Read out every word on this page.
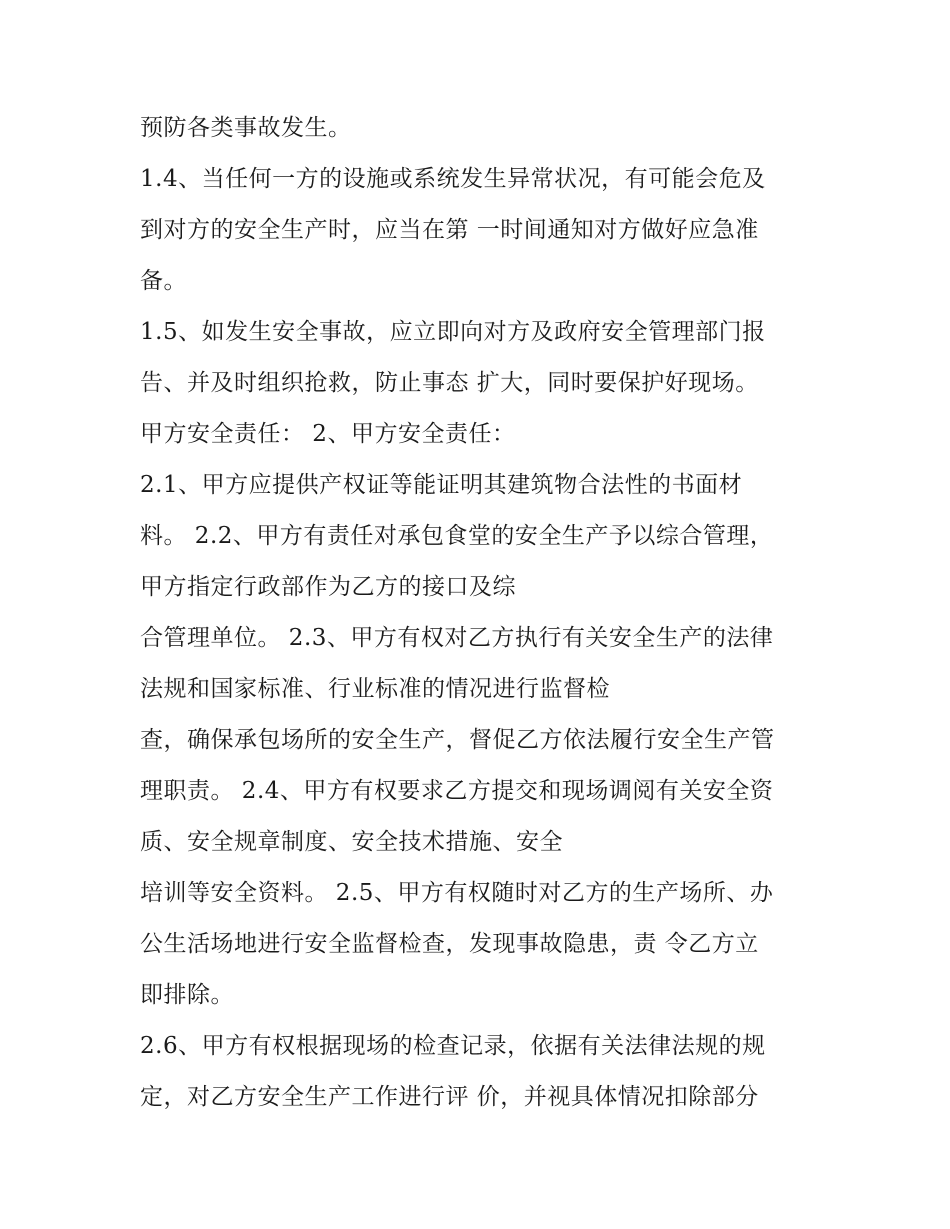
预防各类事故发生。

1.4、当任何一方的设施或系统发生异常状况，有可能会危及

到对方的安全生产时，应当在第 一时间通知对方做好应急准

备。

1.5、如发生安全事故，应立即向对方及政府安全管理部门报

告、并及时组织抢救，防止事态 扩大，同时要保护好现场。

甲方安全责任： 2、甲方安全责任：

2.1、甲方应提供产权证等能证明其建筑物合法性的书面材

料。 2.2、甲方有责任对承包食堂的安全生产予以综合管理，

甲方指定行政部作为乙方的接口及综

合管理单位。 2.3、甲方有权对乙方执行有关安全生产的法律

法规和国家标准、行业标准的情况进行监督检

查，确保承包场所的安全生产，督促乙方依法履行安全生产管

理职责。 2.4、甲方有权要求乙方提交和现场调阅有关安全资

质、安全规章制度、安全技术措施、安全

培训等安全资料。 2.5、甲方有权随时对乙方的生产场所、办

公生活场地进行安全监督检查，发现事故隐患，责 令乙方立

即排除。

2.6、甲方有权根据现场的检查记录，依据有关法律法规的规

定，对乙方安全生产工作进行评 价，并视具体情况扣除部分
